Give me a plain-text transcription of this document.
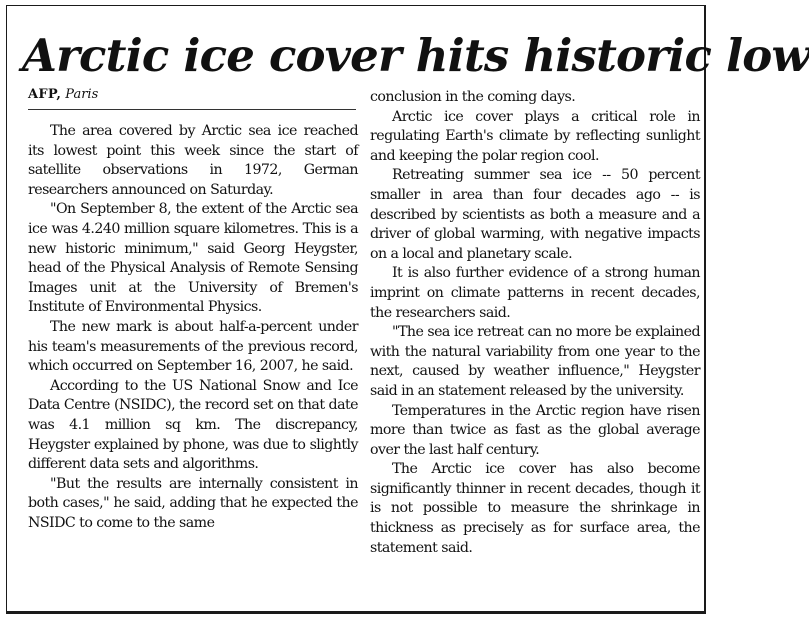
Arctic ice cover hits historic low
AFP, Paris

The area covered by Arctic sea ice reached its lowest point this week since the start of satellite observations in 1972, German researchers announced on Saturday.

"On September 8, the extent of the Arctic sea ice was 4.240 million square kilometres. This is a new historic minimum," said Georg Heygster, head of the Physical Analysis of Remote Sensing Images unit at the University of Bremen's Institute of Environmental Physics.

The new mark is about half-a-percent under his team's measurements of the previous record, which occurred on September 16, 2007, he said.

According to the US National Snow and Ice Data Centre (NSIDC), the record set on that date was 4.1 million sq km. The discrepancy, Heygster explained by phone, was due to slightly different data sets and algorithms.

"But the results are internally consistent in both cases," he said, adding that he expected the NSIDC to come to the same

conclusion in the coming days.

Arctic ice cover plays a critical role in regulating Earth's climate by reflecting sunlight and keeping the polar region cool.

Retreating summer sea ice -- 50 percent smaller in area than four decades ago -- is described by scientists as both a measure and a driver of global warming, with negative impacts on a local and planetary scale.

It is also further evidence of a strong human imprint on climate patterns in recent decades, the researchers said.

"The sea ice retreat can no more be explained with the natural variability from one year to the next, caused by weather influence," Heygster said in an statement released by the university.

Temperatures in the Arctic region have risen more than twice as fast as the global average over the last half century.

The Arctic ice cover has also become significantly thinner in recent decades, though it is not possible to measure the shrinkage in thickness as precisely as for surface area, the statement said.
